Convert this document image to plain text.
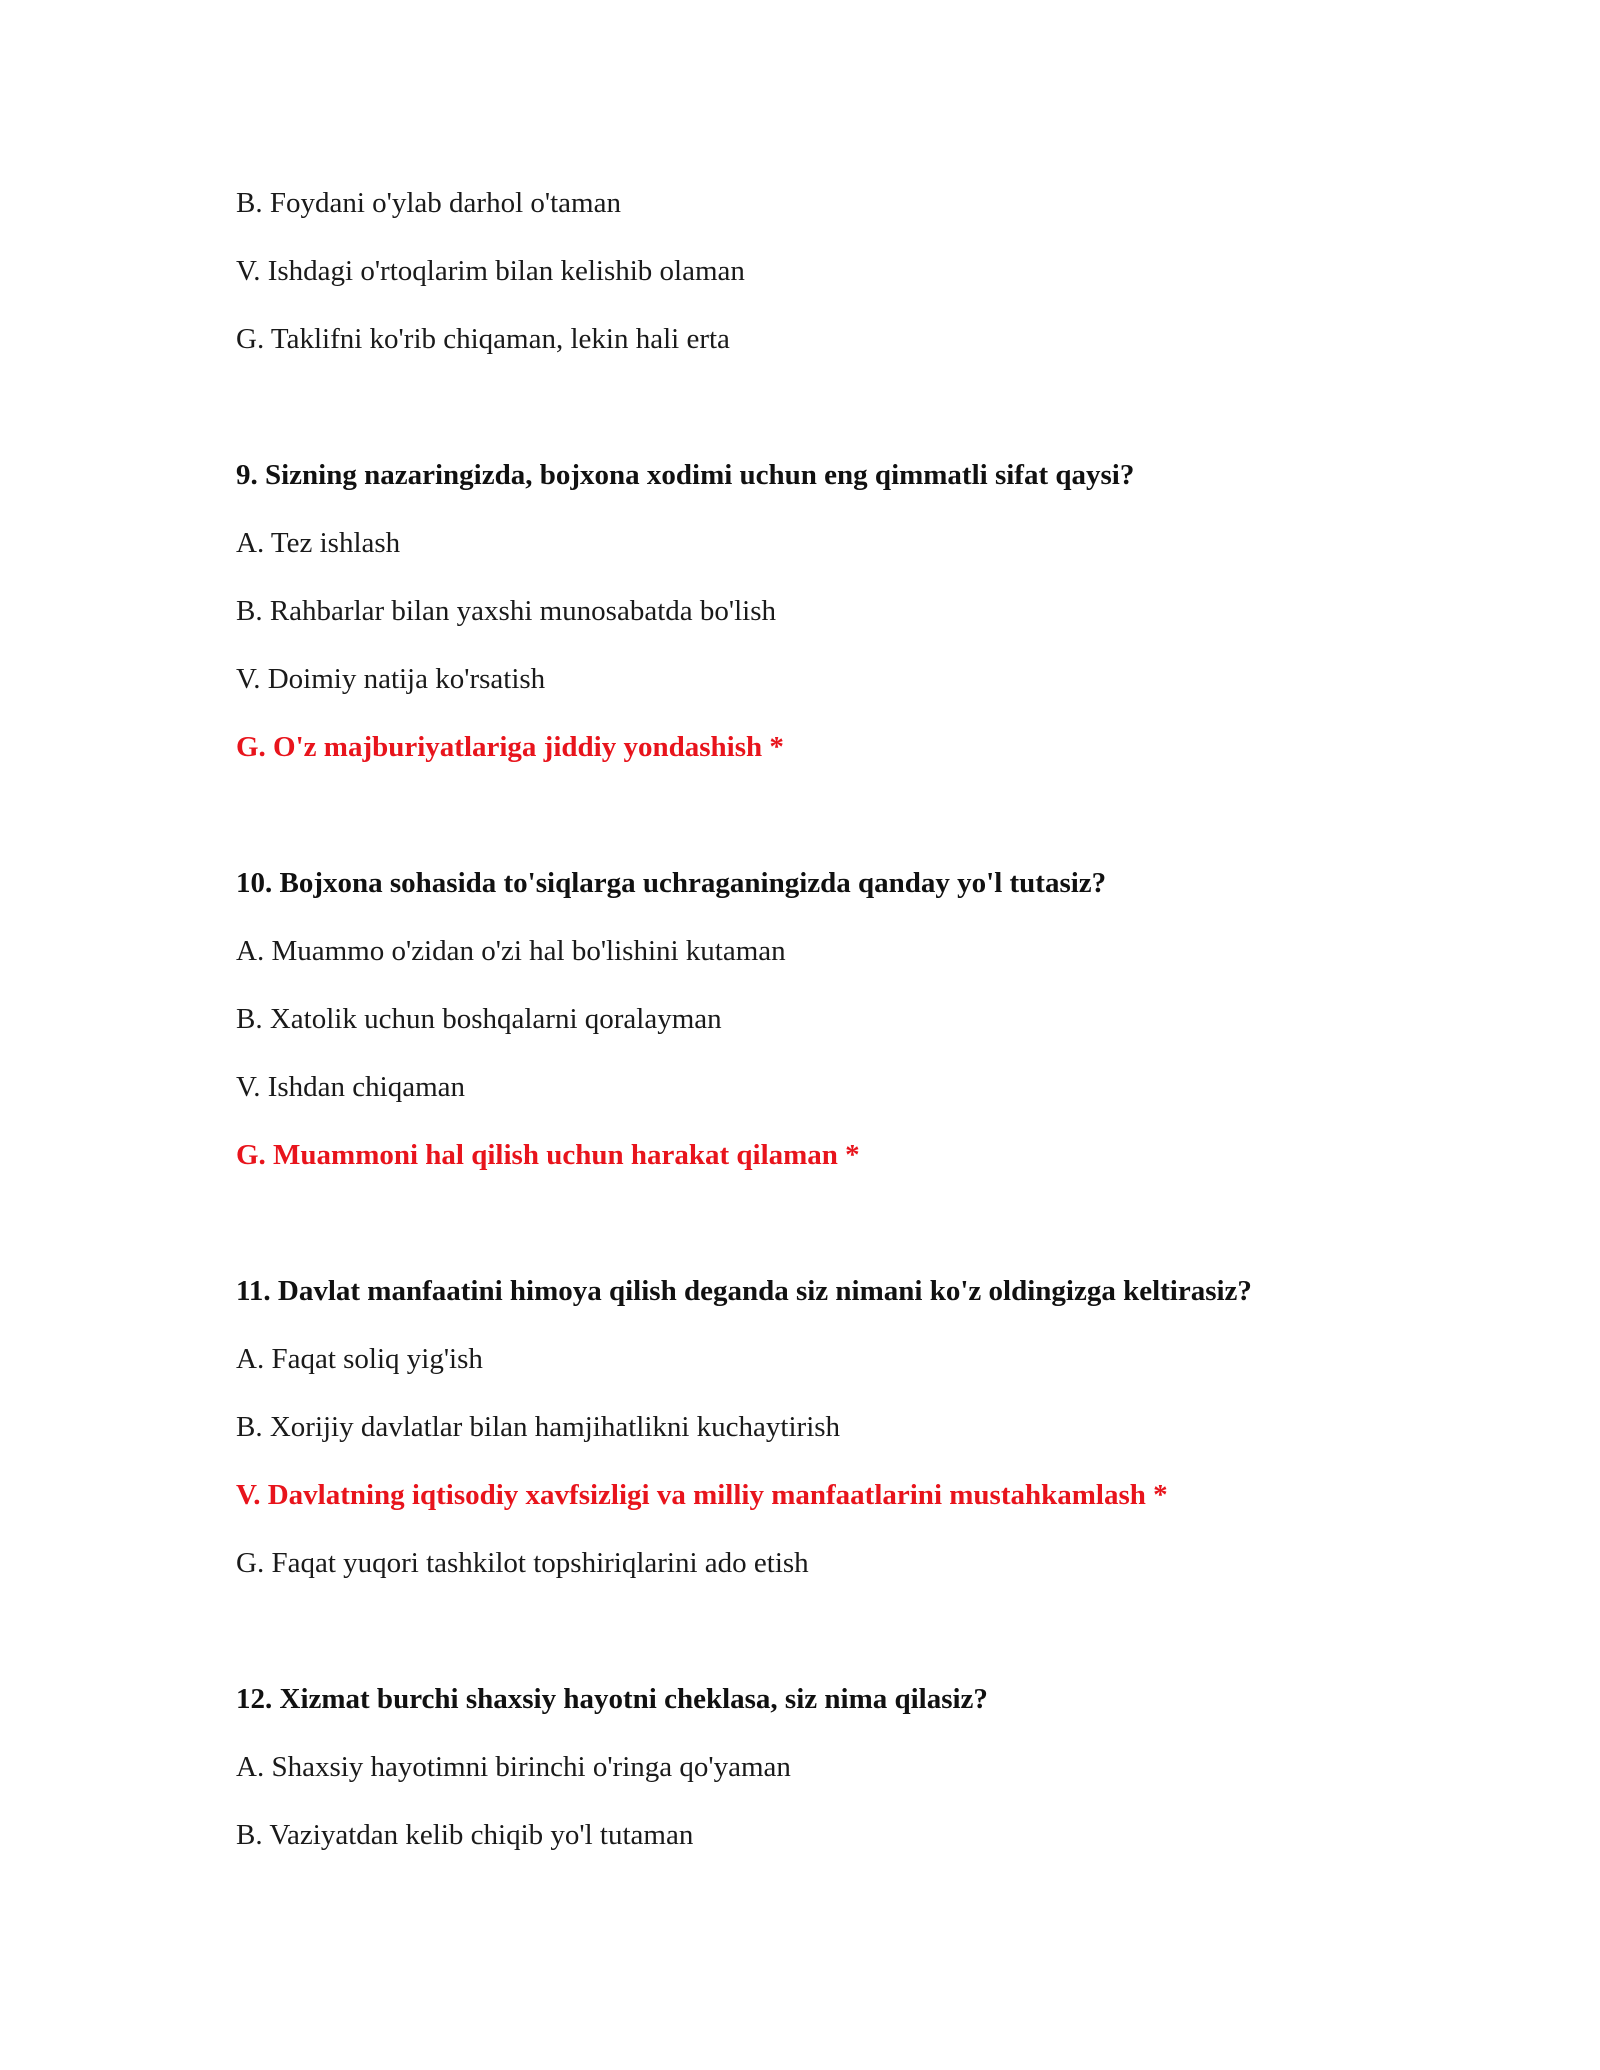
B. Foydani o'ylab darhol o'taman
V. Ishdagi o'rtoqlarim bilan kelishib olaman
G. Taklifni ko'rib chiqaman, lekin hali erta
9. Sizning nazaringizda, bojxona xodimi uchun eng qimmatli sifat qaysi?
A. Tez ishlash
B. Rahbarlar bilan yaxshi munosabatda bo'lish
V. Doimiy natija ko'rsatish
G. O'z majburiyatlariga jiddiy yondashish *
10. Bojxona sohasida to'siqlarga uchraganingizda qanday yo'l tutasiz?
A. Muammo o'zidan o'zi hal bo'lishini kutaman
B. Xatolik uchun boshqalarni qoralayman
V. Ishdan chiqaman
G. Muammoni hal qilish uchun harakat qilaman *
11. Davlat manfaatini himoya qilish deganda siz nimani ko'z oldingizga keltirasiz?
A. Faqat soliq yig'ish
B. Xorijiy davlatlar bilan hamjihatlikni kuchaytirish
V. Davlatning iqtisodiy xavfsizligi va milliy manfaatlarini mustahkamlash *
G. Faqat yuqori tashkilot topshiriqlarini ado etish
12. Xizmat burchi shaxsiy hayotni cheklasa, siz nima qilasiz?
A. Shaxsiy hayotimni birinchi o'ringa qo'yaman
B. Vaziyatdan kelib chiqib yo'l tutaman
